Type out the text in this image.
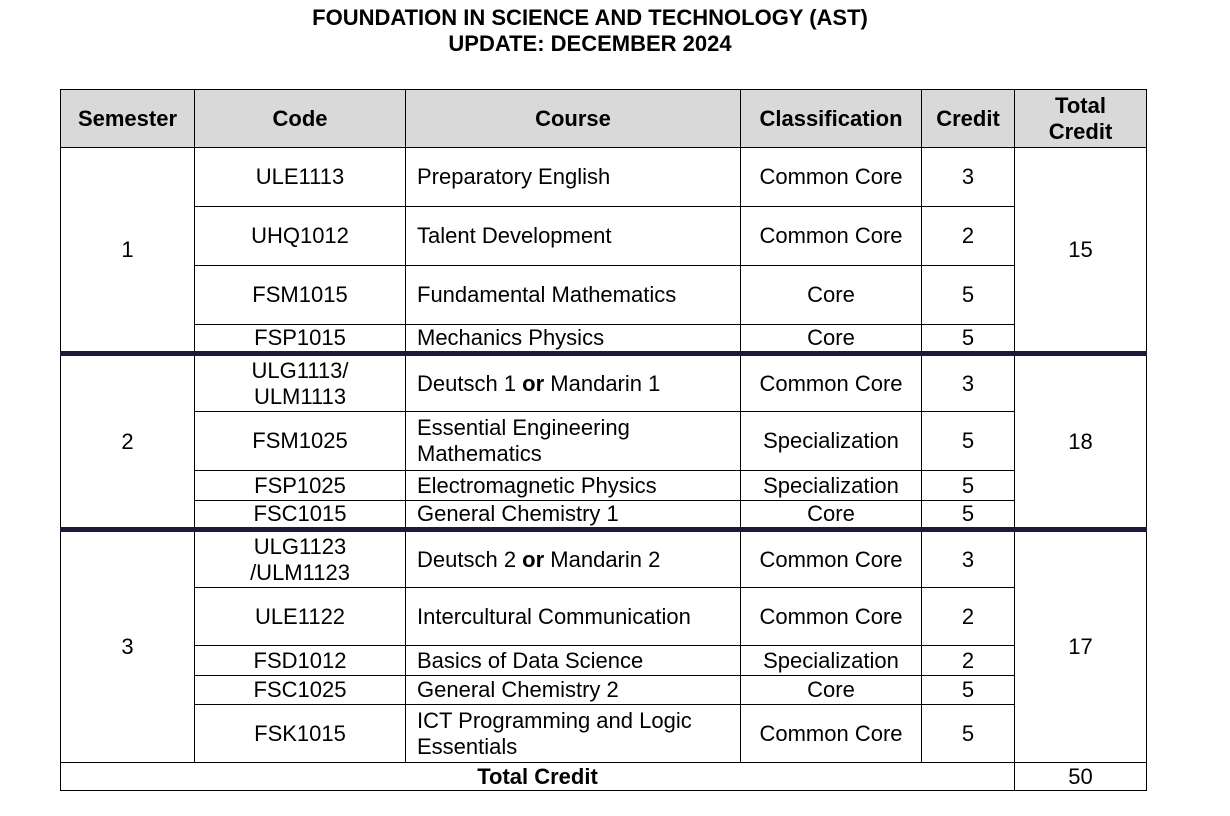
FOUNDATION IN SCIENCE AND TECHNOLOGY (AST)
UPDATE: DECEMBER 2024
Semester	Code	Course	Classification	Credit	Total
Credit

1	ULE1113	Preparatory English	Common Core	3	15
	UHQ1012	Talent Development	Common Core	2	
	FSM1015	Fundamental Mathematics	Core	5	
	FSP1015	Mechanics Physics	Core	5	
2	ULG1113/
ULM1113	Deutsch 1 or Mandarin 1	Common Core	3	18
	FSM1025	Essential Engineering
Mathematics	Specialization	5	
	FSP1025	Electromagnetic Physics	Specialization	5	
	FSC1015	General Chemistry 1	Core	5	
3	ULG1123
/ULM1123	Deutsch 2 or Mandarin 2	Common Core	3	17
	ULE1122	Intercultural Communication	Common Core	2	
	FSD1012	Basics of Data Science	Specialization	2	
	FSC1025	General Chemistry 2	Core	5	
	FSK1015	ICT Programming and Logic
Essentials	Common Core	5	
Total Credit					50
